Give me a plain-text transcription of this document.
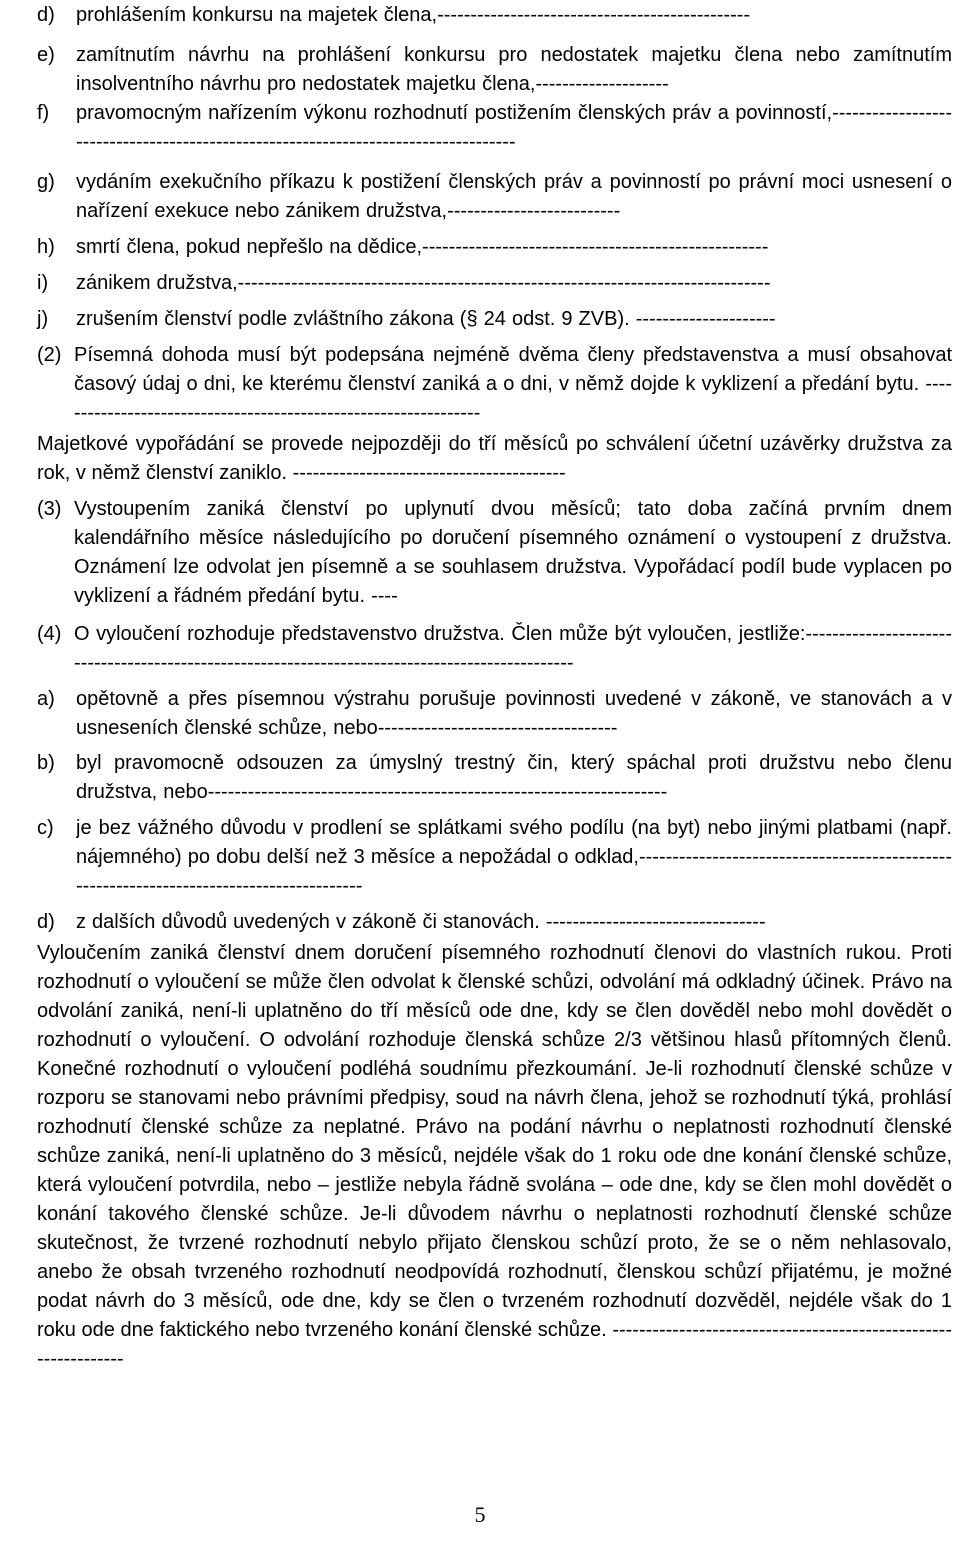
d)	prohlášením konkursu na majetek člena,-----------------------------------------------
e)	zamítnutím návrhu na prohlášení konkursu pro nedostatek majetku člena nebo zamítnutím insolventního návrhu pro nedostatek majetku člena,--------------------
f)	pravomocným nařízením výkonu rozhodnutí postižením členských práv a povinností,------------------------------------------------------------------------------------
g)	vydáním exekučního příkazu k postižení členských práv a povinností po právní moci usnesení o nařízení exekuce nebo zánikem družstva,--------------------------
h)	smrtí člena, pokud nepřešlo na dědice,----------------------------------------------------
i)	zánikem družstva,--------------------------------------------------------------------------------
j)	zrušením členství podle zvláštního zákona (§ 24 odst. 9 ZVB). ---------------------
(2) Písemná dohoda musí být podepsána nejméně dvěma členy představenstva a musí obsahovat časový údaj o dni, ke kterému členství zaniká a o dni, v němž dojde k vyklizení a předání bytu. -----------------------------------------------------------------
Majetkové vypořádání se provede nejpozději do tří měsíců po schválení účetní uzávěrky družstva za rok, v němž členství zaniklo. -----------------------------------------
(3) Vystoupením zaniká členství po uplynutí dvou měsíců; tato doba začíná prvním dnem kalendářního měsíce následujícího po doručení písemného oznámení o vystoupení z družstva. Oznámení lze odvolat jen písemně a se souhlasem družstva. Vypořádací podíl bude vyplacen po vyklizení a řádném předání bytu. ----
(4) O vyloučení rozhoduje představenstvo družstva. Člen může být vyloučen, jestliže:-------------------------------------------------------------------------------------------------
a)	opětovně a přes písemnou výstrahu porušuje povinnosti uvedené v zákoně, ve stanovách a v usneseních členské schůze, nebo------------------------------------
b)	byl pravomocně odsouzen za úmyslný trestný čin, který spáchal proti družstvu nebo členu družstva, nebo---------------------------------------------------------------------
c)	je bez vážného důvodu v prodlení se splátkami svého podílu (na byt) nebo jinými platbami (např. nájemného) po dobu delší než 3 měsíce a nepožádal o odklad,------------------------------------------------------------------------------------------
d)	z dalších důvodů uvedených v zákoně či stanovách. ---------------------------------
Vyloučením zaniká členství dnem doručení písemného rozhodnutí členovi do vlastních rukou. Proti rozhodnutí o vyloučení se může člen odvolat k členské schůzi, odvolání má odkladný účinek. Právo na odvolání zaniká, není-li uplatněno do tří měsíců ode dne, kdy se člen dověděl nebo mohl dovědět o rozhodnutí o vyloučení. O odvolání rozhoduje členská schůze 2/3 většinou hlasů přítomných členů. Konečné rozhodnutí o vyloučení podléhá soudnímu přezkoumání. Je-li rozhodnutí členské schůze v rozporu se stanovami nebo právními předpisy, soud na návrh člena, jehož se rozhodnutí týká, prohlásí rozhodnutí členské schůze za neplatné. Právo na podání návrhu o neplatnosti rozhodnutí členské schůze zaniká, není-li uplatněno do 3 měsíců, nejdéle však do 1 roku ode dne konání členské schůze, která vyloučení potvrdila, nebo – jestliže nebyla řádně svolána – ode dne, kdy se člen mohl dovědět o konání takového členské schůze. Je-li důvodem návrhu o neplatnosti rozhodnutí členské schůze skutečnost, že tvrzené rozhodnutí nebylo přijato členskou schůzí proto, že se o něm nehlasovalo, anebo že obsah tvrzeného rozhodnutí neodpovídá rozhodnutí, členskou schůzí přijatému, je možné podat návrh do 3 měsíců, ode dne, kdy se člen o tvrzeném rozhodnutí dozvěděl, nejdéle však do 1 roku ode dne faktického nebo tvrzeného konání členské schůze. ----------------------------------------------------------------
5
